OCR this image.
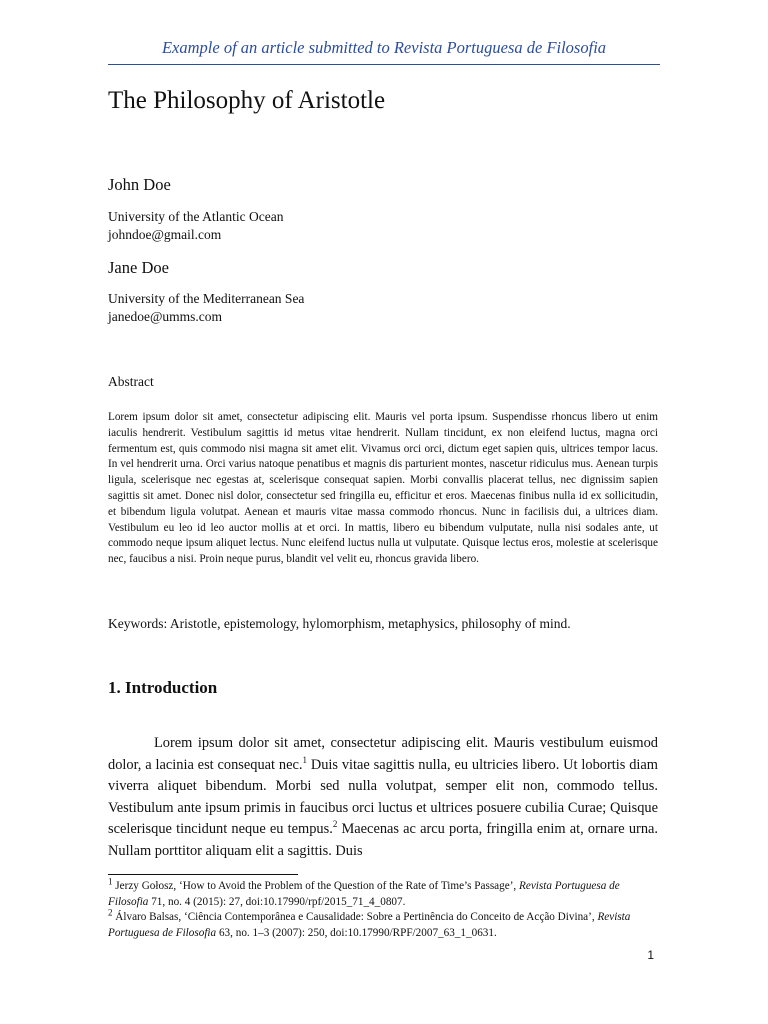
Example of an article submitted to Revista Portuguesa de Filosofia
The Philosophy of Aristotle
John Doe
University of the Atlantic Ocean
johndoe@gmail.com
Jane Doe
University of the Mediterranean Sea
janedoe@umms.com
Abstract
Lorem ipsum dolor sit amet, consectetur adipiscing elit. Mauris vel porta ipsum. Suspendisse rhoncus libero ut enim iaculis hendrerit. Vestibulum sagittis id metus vitae hendrerit. Nullam tincidunt, ex non eleifend luctus, magna orci fermentum est, quis commodo nisi magna sit amet elit. Vivamus orci orci, dictum eget sapien quis, ultrices tempor lacus. In vel hendrerit urna. Orci varius natoque penatibus et magnis dis parturient montes, nascetur ridiculus mus. Aenean turpis ligula, scelerisque nec egestas at, scelerisque consequat sapien. Morbi convallis placerat tellus, nec dignissim sapien sagittis sit amet. Donec nisl dolor, consectetur sed fringilla eu, efficitur et eros. Maecenas finibus nulla id ex sollicitudin, et bibendum ligula volutpat. Aenean et mauris vitae massa commodo rhoncus. Nunc in facilisis dui, a ultrices diam. Vestibulum eu leo id leo auctor mollis at et orci. In mattis, libero eu bibendum vulputate, nulla nisi sodales ante, ut commodo neque ipsum aliquet lectus. Nunc eleifend luctus nulla ut vulputate. Quisque lectus eros, molestie at scelerisque nec, faucibus a nisi. Proin neque purus, blandit vel velit eu, rhoncus gravida libero.
Keywords: Aristotle, epistemology, hylomorphism, metaphysics, philosophy of mind.
1. Introduction
Lorem ipsum dolor sit amet, consectetur adipiscing elit. Mauris vestibulum euismod dolor, a lacinia est consequat nec.$^1$ Duis vitae sagittis nulla, eu ultricies libero. Ut lobortis diam viverra aliquet bibendum. Morbi sed nulla volutpat, semper elit non, commodo tellus. Vestibulum ante ipsum primis in faucibus orci luctus et ultrices posuere cubilia Curae; Quisque scelerisque tincidunt neque eu tempus.$^2$ Maecenas ac arcu porta, fringilla enim at, ornare urna. Nullam porttitor aliquam elit a sagittis. Duis

$^1$ Jerzy Gołosz, ‘How to Avoid the Problem of the Question of the Rate of Time’s Passage’, Revista Portuguesa de Filosofia 71, no. 4 (2015): 27, doi:10.17990/rpf/2015_71_4_0807.

$^2$ Álvaro Balsas, ‘Ciência Contemporânea e Causalidade: Sobre a Pertinência do Conceito de Acção Divina’, Revista Portuguesa de Filosofia 63, no. 1–3 (2007): 250, doi:10.17990/RPF/2007_63_1_0631.

1
